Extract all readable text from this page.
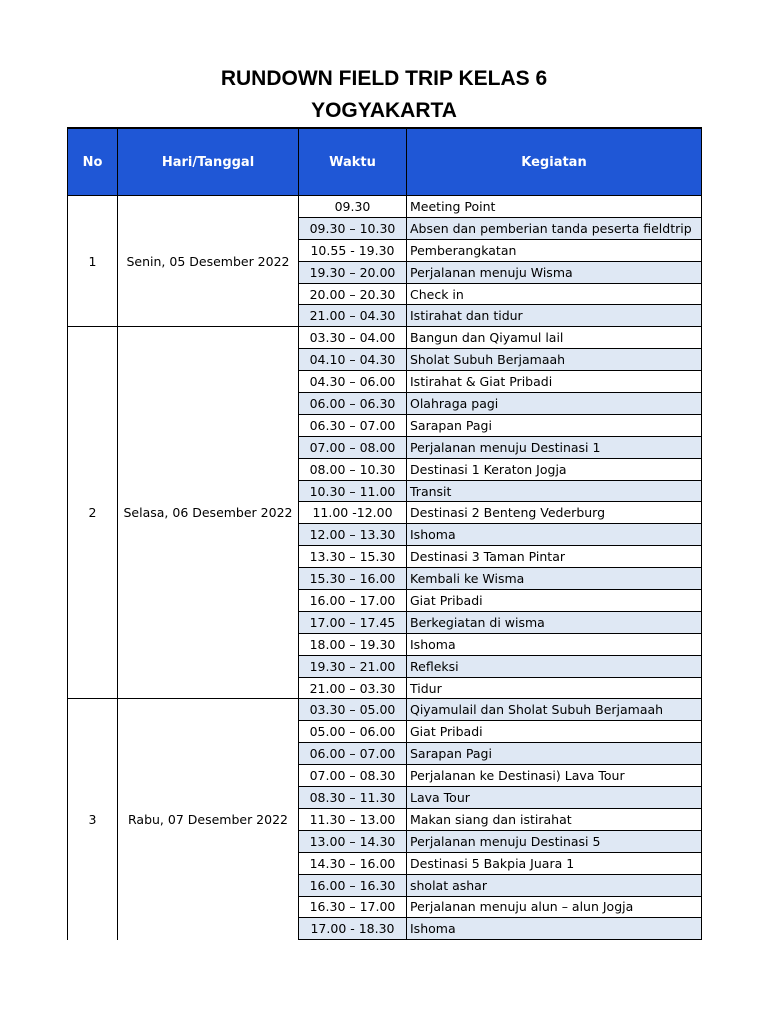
RUNDOWN FIELD TRIP KELAS 6
YOGYAKARTA
No	Hari/Tanggal	Waktu	Kegiatan
1	Senin, 05 Desember 2022	09.30	Meeting Point
		09.30 – 10.30	Absen dan pemberian tanda peserta fieldtrip
		10.55 - 19.30	Pemberangkatan
		19.30 – 20.00	Perjalanan menuju Wisma
		20.00 – 20.30	Check in
		21.00 – 04.30	Istirahat dan tidur
2	Selasa, 06 Desember 2022	03.30 – 04.00	Bangun dan Qiyamul lail
		04.10 – 04.30	Sholat Subuh Berjamaah
		04.30 – 06.00	Istirahat & Giat Pribadi
		06.00 – 06.30	Olahraga pagi
		06.30 – 07.00	Sarapan Pagi
		07.00 – 08.00	Perjalanan menuju Destinasi 1
		08.00 – 10.30	Destinasi 1 Keraton Jogja
		10.30 – 11.00	Transit
		11.00 -12.00	Destinasi 2 Benteng Vederburg
		12.00 – 13.30	Ishoma
		13.30 – 15.30	Destinasi 3 Taman Pintar
		15.30 – 16.00	Kembali ke Wisma
		16.00 – 17.00	Giat Pribadi
		17.00 – 17.45	Berkegiatan di wisma
		18.00 – 19.30	Ishoma
		19.30 – 21.00	Refleksi
		21.00 – 03.30	Tidur
3	Rabu, 07 Desember 2022	03.30 – 05.00	Qiyamulail dan Sholat Subuh Berjamaah
		05.00 – 06.00	Giat Pribadi
		06.00 – 07.00	Sarapan Pagi
		07.00 – 08.30	Perjalanan ke Destinasi) Lava Tour
		08.30 – 11.30	Lava Tour
		11.30 – 13.00	Makan siang dan istirahat
		13.00 – 14.30	Perjalanan menuju Destinasi 5
		14.30 – 16.00	Destinasi 5 Bakpia Juara 1
		16.00 – 16.30	sholat ashar
		16.30 – 17.00	Perjalanan menuju alun – alun Jogja
		17.00 - 18.30	Ishoma
